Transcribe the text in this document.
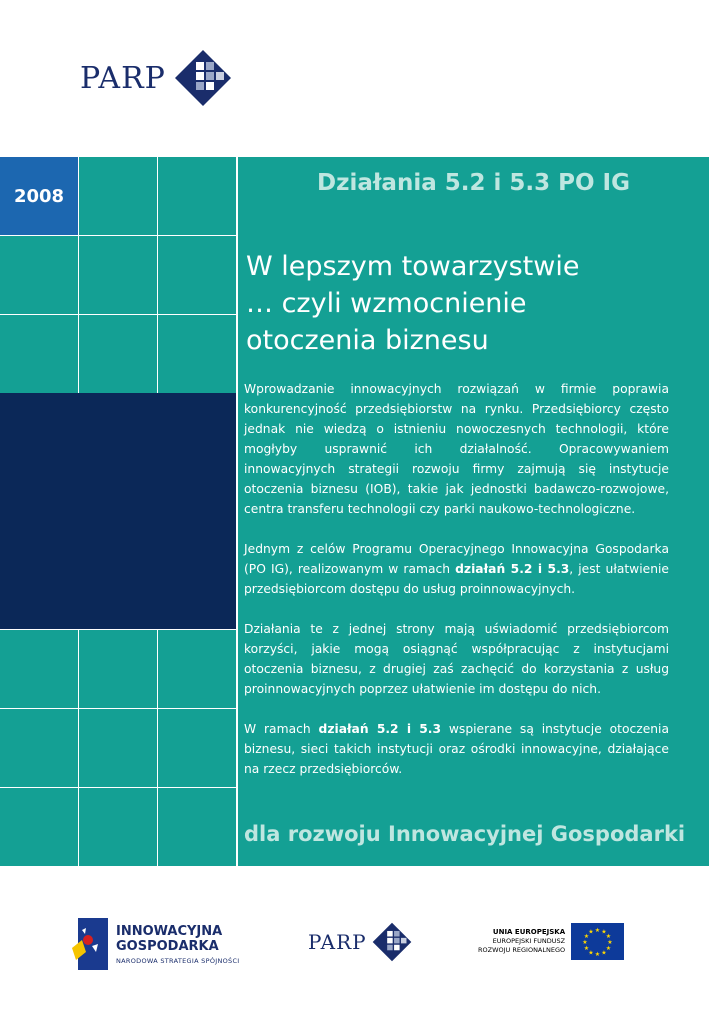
PARP
2008	Działania 5.2 i 5.3 PO IG
W lepszym towarzystwie
… czyli wzmocnienie
otoczenia biznesu

Wprowadzanie innowacyjnych rozwiązań w firmie poprawia konkurencyjność przedsiębiorstw na rynku. Przedsiębiorcy często jednak nie wiedzą o istnieniu nowoczesnych technologii, które mogłyby usprawnić ich działalność. Opracowywaniem innowacyjnych strategii rozwoju firmy zajmują się instytucje otoczenia biznesu (IOB), takie jak jednostki badawczo-rozwojowe, centra transferu technologii czy parki naukowo-technologiczne.

Jednym z celów Programu Operacyjnego Innowacyjna Gospodarka (PO IG), realizowanym w ramach działań 5.2 i 5.3, jest ułatwienie przedsiębiorcom dostępu do usług proinnowacyjnych.

Działania te z jednej strony mają uświadomić przedsiębiorcom korzyści, jakie mogą osiągnąć współpracując z instytucjami otoczenia biznesu, z drugiej zaś zachęcić do korzystania z usług proinnowacyjnych poprzez ułatwienie im dostępu do nich.

W ramach działań 5.2 i 5.3 wspierane są instytucje otoczenia biznesu, sieci takich instytucji oraz ośrodki innowacyjne, działające na rzecz przedsiębiorców.

dla rozwoju Innowacyjnej Gospodarki
INNOWACYJNA
GOSPODARKA
NARODOWA STRATEGIA SPÓJNOŚCI
PARP	UNIA EUROPEJSKA
EUROPEJSKI FUNDUSZ
ROZWOJU REGIONALNEGO
★ ★
★
★
★
★
★
★
★
★
★
★
